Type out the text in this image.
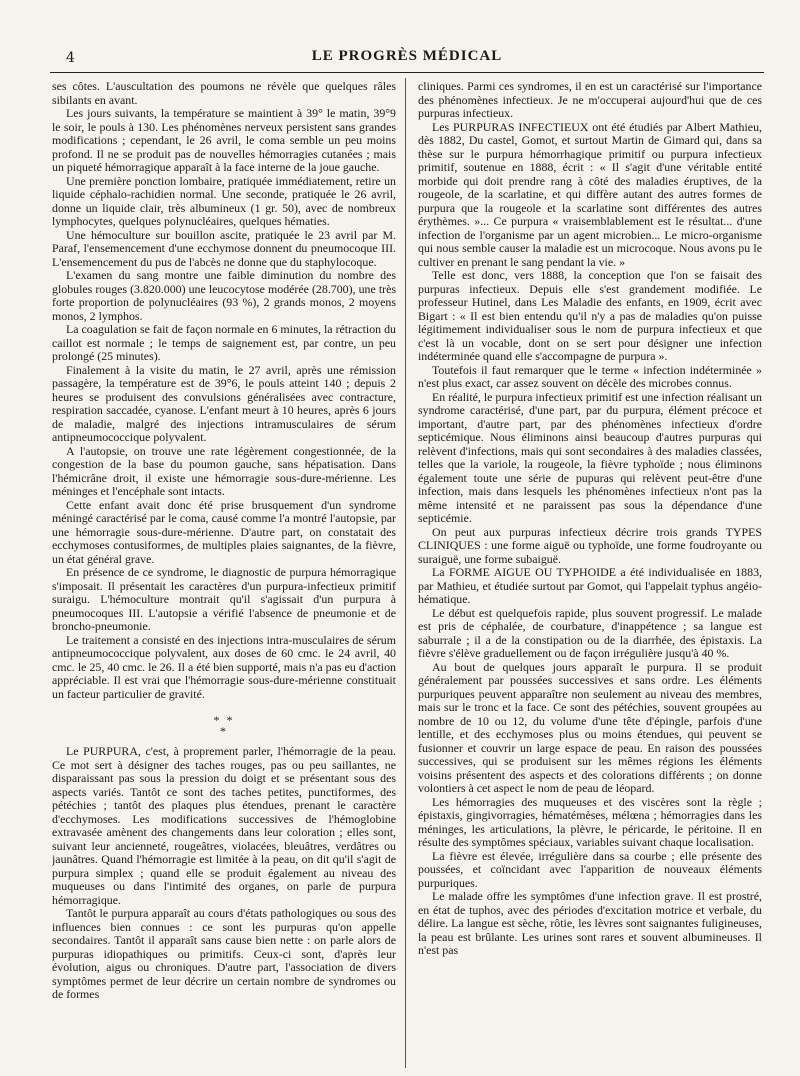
4	LE PROGRÈS MÉDICAL

ses côtes. L'auscultation des poumons ne révèle que quelques râles sibilants en avant.

Les jours suivants, la température se maintient à 39° le matin, 39°9 le soir, le pouls à 130. Les phénomènes nerveux persistent sans grandes modifications ; cependant, le 26 avril, le coma semble un peu moins profond. Il ne se produit pas de nouvelles hémorragies cutanées ; mais un piqueté hémorragique apparaît à la face interne de la joue gauche.

Une première ponction lombaire, pratiquée immédiatement, retire un liquide céphalo-rachidien normal. Une seconde, pratiquée le 26 avril, donne un liquide clair, très albumineux (1 gr. 50), avec de nombreux lymphocytes, quelques polynucléaires, quelques hématies.

Une hémoculture sur bouillon ascite, pratiquée le 23 avril par M. Paraf, l'ensemencement d'une ecchymose donnent du pneumocoque III. L'ensemencement du pus de l'abcès ne donne que du staphylocoque.

L'examen du sang montre une faible diminution du nombre des globules rouges (3.820.000) une leucocytose modérée (28.700), une très forte proportion de polynucléaires (93 %), 2 grands monos, 2 moyens monos, 2 lymphos.

La coagulation se fait de façon normale en 6 minutes, la rétraction du caillot est normale ; le temps de saignement est, par contre, un peu prolongé (25 minutes).

Finalement à la visite du matin, le 27 avril, après une rémission passagère, la température est de 39°6, le pouls atteint 140 ; depuis 2 heures se produisent des convulsions généralisées avec contracture, respiration saccadée, cyanose. L'enfant meurt à 10 heures, après 6 jours de maladie, malgré des injections intramusculaires de sérum antipneumococcique polyvalent.

A l'autopsie, on trouve une rate légèrement congestionnée, de la congestion de la base du poumon gauche, sans hépatisation. Dans l'hémicrâne droit, il existe une hémorragie sous-dure-mérienne. Les méninges et l'encéphale sont intacts.

Cette enfant avait donc été prise brusquement d'un syndrome méningé caractérisé par le coma, causé comme l'a montré l'autopsie, par une hémorragie sous-dure-mérienne. D'autre part, on constatait des ecchymoses contusiformes, de multiples plaies saignantes, de la fièvre, un état général grave.

En présence de ce syndrome, le diagnostic de purpura hémorragique s'imposait. Il présentait les caractères d'un purpura-infectieux primitif suraigu. L'hémoculture montrait qu'il s'agissait d'un purpura à pneumocoques III. L'autopsie a vérifié l'absence de pneumonie et de broncho-pneumonie.

Le traitement a consisté en des injections intra-musculaires de sérum antipneumococcique polyvalent, aux doses de 60 cmc. le 24 avril, 40 cmc. le 25, 40 cmc. le 26. Il a été bien supporté, mais n'a pas eu d'action appréciable. Il est vrai que l'hémorragie sous-dure-mérienne constituait un facteur particulier de gravité.

* *
*

Le PURPURA, c'est, à proprement parler, l'hémorragie de la peau. Ce mot sert à désigner des taches rouges, pas ou peu saillantes, ne disparaissant pas sous la pression du doigt et se présentant sous des aspects variés. Tantôt ce sont des taches petites, punctiformes, des pétéchies ; tantôt des plaques plus étendues, prenant le caractère d'ecchymoses. Les modifications successives de l'hémoglobine extravasée amènent des changements dans leur coloration ; elles sont, suivant leur ancienneté, rougeâtres, violacées, bleuâtres, verdâtres ou jaunâtres. Quand l'hémorragie est limitée à la peau, on dit qu'il s'agit de purpura simplex ; quand elle se produit également au niveau des muqueuses ou dans l'intimité des organes, on parle de purpura hémorragique.

Tantôt le purpura apparaît au cours d'états pathologiques ou sous des influences bien connues : ce sont les purpuras qu'on appelle secondaires. Tantôt il apparaît sans cause bien nette : on parle alors de purpuras idiopathiques ou primitifs. Ceux-ci sont, d'après leur évolution, aigus ou chroniques. D'autre part, l'association de divers symptômes permet de leur décrire un certain nombre de syndromes ou de formes

cliniques. Parmi ces syndromes, il en est un caractérisé sur l'importance des phénomènes infectieux. Je ne m'occuperai aujourd'hui que de ces purpuras infectieux.

Les PURPURAS INFECTIEUX ont été étudiés par Albert Mathieu, dès 1882, Du castel, Gomot, et surtout Martin de Gimard qui, dans sa thèse sur le purpura hémorrhagique primitif ou purpura infectieux primitif, soutenue en 1888, écrit : « Il s'agit d'une véritable entité morbide qui doit prendre rang à côté des maladies éruptives, de la rougeole, de la scarlatine, et qui diffère autant des autres formes de purpura que la rougeole et la scarlatine sont différentes des autres érythèmes. »... Ce purpura « vraisemblablement est le résultat... d'une infection de l'organisme par un agent microbien... Le micro-organisme qui nous semble causer la maladie est un microcoque. Nous avons pu le cultiver en prenant le sang pendant la vie. »

Telle est donc, vers 1888, la conception que l'on se faisait des purpuras infectieux. Depuis elle s'est grandement modifiée. Le professeur Hutinel, dans Les Maladie des enfants, en 1909, écrit avec Bigart : « Il est bien entendu qu'il n'y a pas de maladies qu'on puisse légitimement individualiser sous le nom de purpura infectieux et que c'est là un vocable, dont on se sert pour désigner une infection indéterminée quand elle s'accompagne de purpura ».

Toutefois il faut remarquer que le terme « infection indéterminée » n'est plus exact, car assez souvent on décèle des microbes connus.

En réalité, le purpura infectieux primitif est une infection réalisant un syndrome caractérisé, d'une part, par du purpura, élément précoce et important, d'autre part, par des phénomènes infectieux d'ordre septicémique. Nous éliminons ainsi beaucoup d'autres purpuras qui relèvent d'infections, mais qui sont secondaires à des maladies classées, telles que la variole, la rougeole, la fièvre typhoïde ; nous éliminons également toute une série de pupuras qui relèvent peut-être d'une infection, mais dans lesquels les phénomènes infectieux n'ont pas la même intensité et ne paraissent pas sous la dépendance d'une septicémie.

On peut aux purpuras infectieux décrire trois grands TYPES CLINIQUES : une forme aiguë ou typhoïde, une forme foudroyante ou suraiguë, une forme subaiguë.

La FORME AIGUE OU TYPHOIDE a été individualisée en 1883, par Mathieu, et étudiée surtout par Gomot, qui l'appelait typhus angéio-hématique.

Le début est quelquefois rapide, plus souvent progressif. Le malade est pris de céphalée, de courbature, d'inappétence ; sa langue est saburrale ; il a de la constipation ou de la diarrhée, des épistaxis. La fièvre s'élève graduellement ou de façon irrégulière jusqu'à 40 %.

Au bout de quelques jours apparaît le purpura. Il se produit généralement par poussées successives et sans ordre. Les éléments purpuriques peuvent apparaître non seulement au niveau des membres, mais sur le tronc et la face. Ce sont des pétéchies, souvent groupées au nombre de 10 ou 12, du volume d'une tête d'épingle, parfois d'une lentille, et des ecchymoses plus ou moins étendues, qui peuvent se fusionner et couvrir un large espace de peau. En raison des poussées successives, qui se produisent sur les mêmes régions les éléments voisins présentent des aspects et des colorations différents ; on donne volontiers à cet aspect le nom de peau de léopard.

Les hémorragies des muqueuses et des viscères sont la règle ; épistaxis, gingivorragies, hématémèses, mélœna ; hémorragies dans les méninges, les articulations, la plèvre, le péricarde, le péritoine. Il en résulte des symptômes spéciaux, variables suivant chaque localisation.

La fièvre est élevée, irrégulière dans sa courbe ; elle présente des poussées, et coïncidant avec l'apparition de nouveaux éléments purpuriques.

Le malade offre les symptômes d'une infection grave. Il est prostré, en état de tuphos, avec des périodes d'excitation motrice et verbale, du délire. La langue est sèche, rôtie, les lèvres sont saignantes fuligineuses, la peau est brûlante. Les urines sont rares et souvent albumineuses. Il n'est pas
